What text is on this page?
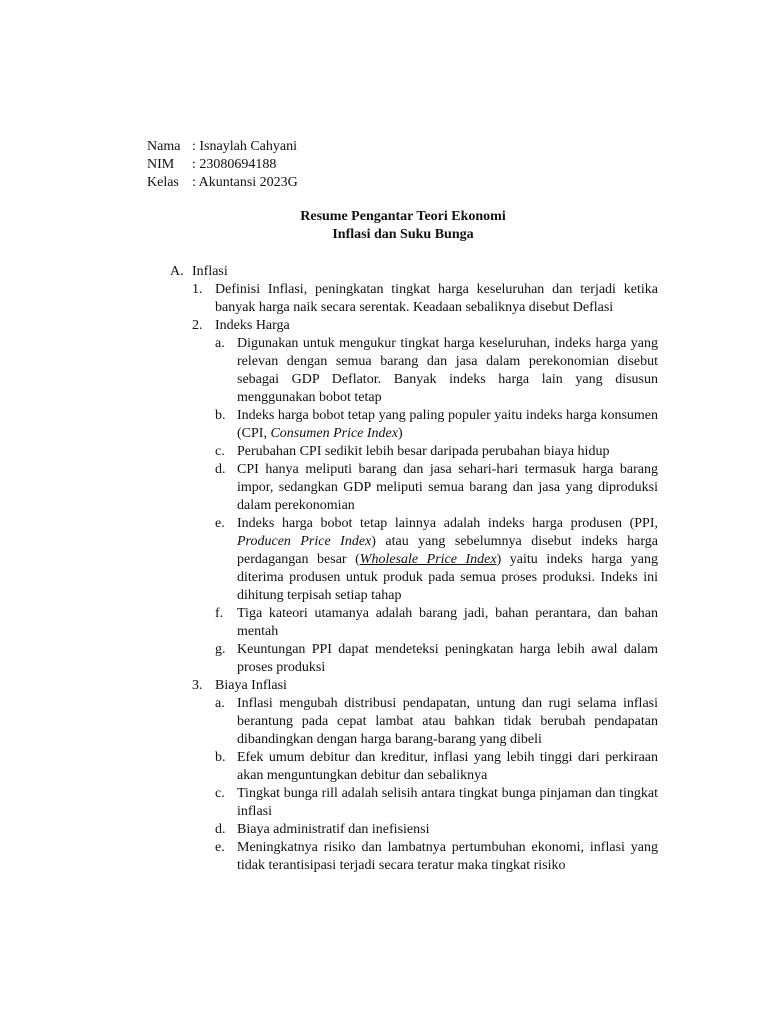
Nama : Isnaylah Cahyani
NIM	: 23080694188
Kelas : Akuntansi 2023G
Resume Pengantar Teori Ekonomi
Inflasi dan Suku Bunga
A. Inflasi
1. Definisi Inflasi, peningkatan tingkat harga keseluruhan dan terjadi ketika banyak harga naik secara serentak. Keadaan sebaliknya disebut Deflasi
2. Indeks Harga
a. Digunakan untuk mengukur tingkat harga keseluruhan, indeks harga yang relevan dengan semua barang dan jasa dalam perekonomian disebut sebagai GDP Deflator. Banyak indeks harga lain yang disusun menggunakan bobot tetap
b. Indeks harga bobot tetap yang paling populer yaitu indeks harga konsumen (CPI, Consumen Price Index)
c. Perubahan CPI sedikit lebih besar daripada perubahan biaya hidup
d. CPI hanya meliputi barang dan jasa sehari-hari termasuk harga barang impor, sedangkan GDP meliputi semua barang dan jasa yang diproduksi dalam perekonomian
e. Indeks harga bobot tetap lainnya adalah indeks harga produsen (PPI, Producen Price Index) atau yang sebelumnya disebut indeks harga perdagangan besar (Wholesale Price Index) yaitu indeks harga yang diterima produsen untuk produk pada semua proses produksi. Indeks ini dihitung terpisah setiap tahap
f. Tiga kateori utamanya adalah barang jadi, bahan perantara, dan bahan mentah
g. Keuntungan PPI dapat mendeteksi peningkatan harga lebih awal dalam proses produksi
3. Biaya Inflasi
a. Inflasi mengubah distribusi pendapatan, untung dan rugi selama inflasi berantung pada cepat lambat atau bahkan tidak berubah pendapatan dibandingkan dengan harga barang-barang yang dibeli
b. Efek umum debitur dan kreditur, inflasi yang lebih tinggi dari perkiraan akan menguntungkan debitur dan sebaliknya
c. Tingkat bunga rill adalah selisih antara tingkat bunga pinjaman dan tingkat inflasi
d. Biaya administratif dan inefisiensi
e. Meningkatnya risiko dan lambatnya pertumbuhan ekonomi, inflasi yang tidak terantisipasi terjadi secara teratur maka tingkat risiko
